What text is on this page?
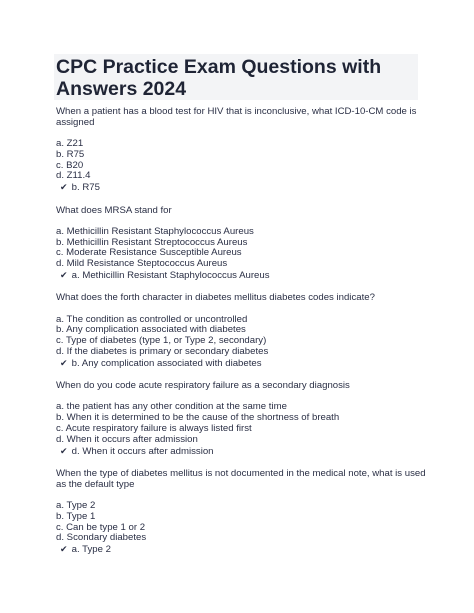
CPC Practice Exam Questions with Answers 2024

When a patient has a blood test for HIV that is inconclusive, what ICD-10-CM code is assigned

a. Z21
b. R75
c. B20
d. Z11.4

✔ b. R75

What does MRSA stand for

a. Methicillin Resistant Staphylococcus Aureus
b. Methicillin Resistant Streptococcus Aureus
c. Moderate Resistance Susceptible Aureus
d. Mild Resistance Steptococcus Aureus

✔ a. Methicillin Resistant Staphylococcus Aureus

What does the forth character in diabetes mellitus diabetes codes indicate?

a. The condition as controlled or uncontrolled
b. Any complication associated with diabetes
c. Type of diabetes (type 1, or Type 2, secondary)
d. If the diabetes is primary or secondary diabetes

✔ b. Any complication associated with diabetes

When do you code acute respiratory failure as a secondary diagnosis

a. the patient has any other condition at the same time
b. When it is determined to be the cause of the shortness of breath
c. Acute respiratory failure is always listed first
d. When it occurs after admission

✔ d. When it occurs after admission

When the type of diabetes mellitus is not documented in the medical note, what is used as the default type

a. Type 2
b. Type 1
c. Can be type 1 or 2
d. Scondary diabetes

✔ a. Type 2
